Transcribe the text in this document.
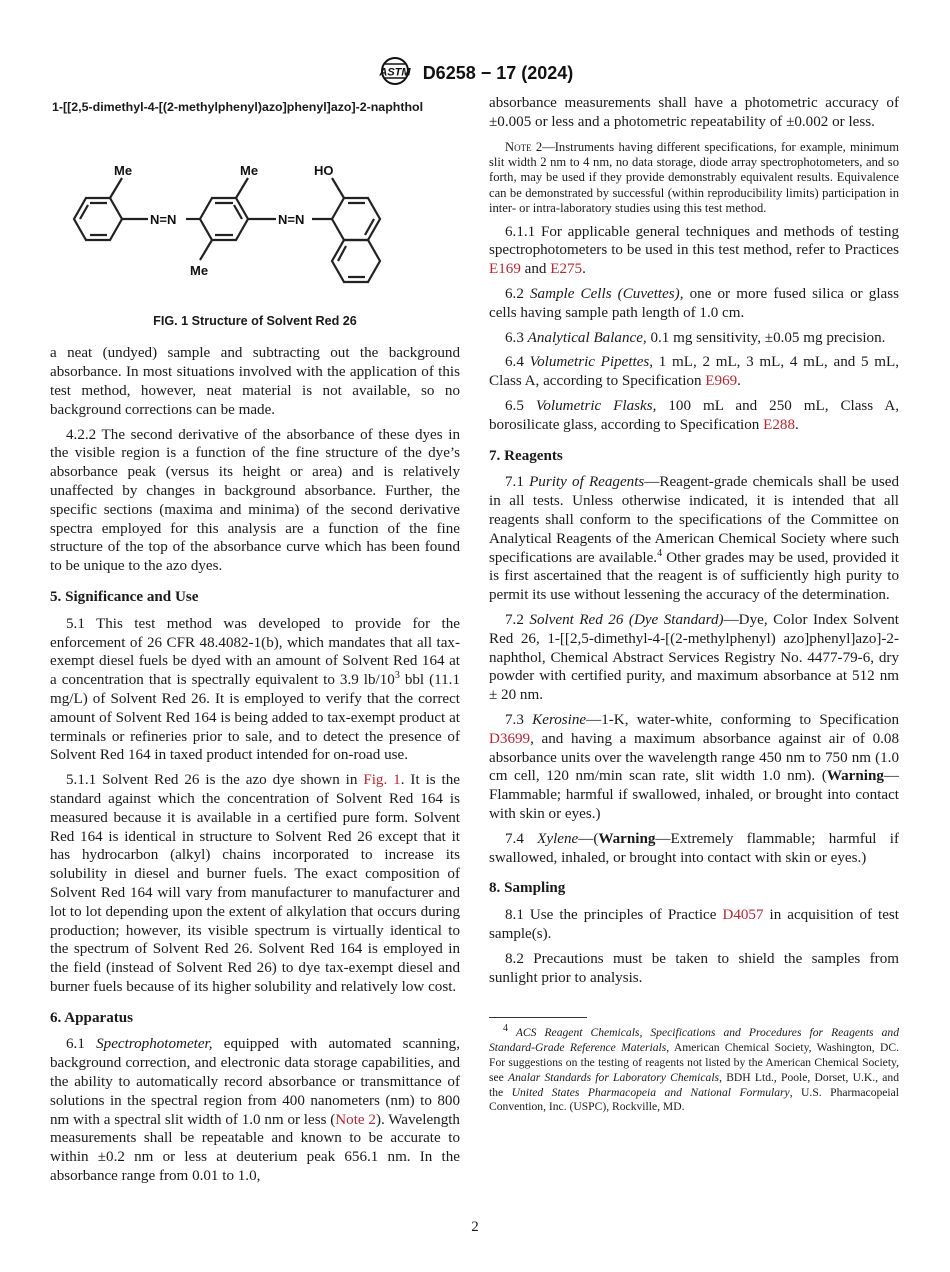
ASTM D6258 − 17 (2024)
1-[[2,5-dimethyl-4-[(2-methylphenyl)azo]phenyl]azo]-2-naphthol
Me	Me
Me
HO
N=N	N=N
FIG. 1 Structure of Solvent Red 26

a neat (undyed) sample and subtracting out the background absorbance. In most situations involved with the application of this test method, however, neat material is not available, so no background corrections can be made.

4.2.2 The second derivative of the absorbance of these dyes in the visible region is a function of the fine structure of the dye’s absorbance peak (versus its height or area) and is relatively unaffected by changes in background absorbance. Further, the specific sections (maxima and minima) of the second derivative spectra employed for this analysis are a function of the fine structure of the top of the absorbance curve which has been found to be unique to the azo dyes.

5. Significance and Use

5.1 This test method was developed to provide for the enforcement of 26 CFR 48.4082-1(b), which mandates that all tax-exempt diesel fuels be dyed with an amount of Solvent Red 164 at a concentration that is spectrally equivalent to 3.9 $lb/10^3$ bbl (11.1 mg/L) of Solvent Red 26. It is employed to verify that the correct amount of Solvent Red 164 is being added to tax-exempt product at terminals or refineries prior to sale, and to detect the presence of Solvent Red 164 in taxed product intended for on-road use.

5.1.1 Solvent Red 26 is the azo dye shown in Fig. 1. It is the standard against which the concentration of Solvent Red 164 is measured because it is available in a certified pure form. Solvent Red 164 is identical in structure to Solvent Red 26 except that it has hydrocarbon (alkyl) chains incorporated to increase its solubility in diesel and burner fuels. The exact composition of Solvent Red 164 will vary from manufacturer to manufacturer and lot to lot depending upon the extent of alkylation that occurs during production; however, its visible spectrum is virtually identical to the spectrum of Solvent Red 26. Solvent Red 164 is employed in the field (instead of Solvent Red 26) to dye tax-exempt diesel and burner fuels because of its higher solubility and relatively low cost.

6. Apparatus

6.1 Spectrophotometer, equipped with automated scanning, background correction, and electronic data storage capabilities, and the ability to automatically record absorbance or transmittance of solutions in the spectral region from 400 nanometers (nm) to 800 nm with a spectral slit width of 1.0 nm or less (Note 2). Wavelength measurements shall be repeatable and known to be accurate to within ±0.2 nm or less at deuterium peak 656.1 nm. In the absorbance range from 0.01 to 1.0,

absorbance measurements shall have a photometric accuracy of ±0.005 or less and a photometric repeatability of ±0.002 or less.

Note 2—Instruments having different specifications, for example, minimum slit width 2 nm to 4 nm, no data storage, diode array spectrophotometers, and so forth, may be used if they provide demonstrably equivalent results. Equivalence can be demonstrated by successful (within reproducibility limits) participation in inter- or intra-laboratory studies using this test method.

6.1.1 For applicable general techniques and methods of testing spectrophotometers to be used in this test method, refer to Practices E169 and E275.

6.2 Sample Cells (Cuvettes), one or more fused silica or glass cells having sample path length of 1.0 cm.

6.3 Analytical Balance, 0.1 mg sensitivity, ±0.05 mg precision.

6.4 Volumetric Pipettes, 1 mL, 2 mL, 3 mL, 4 mL, and 5 mL, Class A, according to Specification E969.

6.5 Volumetric Flasks, 100 mL and 250 mL, Class A, borosilicate glass, according to Specification E288.

7. Reagents

7.1 Purity of Reagents—Reagent-grade chemicals shall be used in all tests. Unless otherwise indicated, it is intended that all reagents shall conform to the specifications of the Committee on Analytical Reagents of the American Chemical Society where such specifications are available.$^4$ Other grades may be used, provided it is first ascertained that the reagent is of sufficiently high purity to permit its use without lessening the accuracy of the determination.

7.2 Solvent Red 26 (Dye Standard)—Dye, Color Index Solvent Red 26, 1-[[2,5-dimethyl-4-[(2-methylphenyl) azo]phenyl]azo]-2-naphthol, Chemical Abstract Services Registry No. 4477-79-6, dry powder with certified purity, and maximum absorbance at 512 nm ± 20 nm.

7.3 Kerosine—1-K, water-white, conforming to Specification D3699, and having a maximum absorbance against air of 0.08 absorbance units over the wavelength range 450 nm to 750 nm (1.0 cm cell, 120 nm/min scan rate, slit width 1.0 nm). (Warning—Flammable; harmful if swallowed, inhaled, or brought into contact with skin or eyes.)

7.4 Xylene—(Warning—Extremely flammable; harmful if swallowed, inhaled, or brought into contact with skin or eyes.)

8. Sampling

8.1 Use the principles of Practice D4057 in acquisition of test sample(s).

8.2 Precautions must be taken to shield the samples from sunlight prior to analysis.

$^4$ ACS Reagent Chemicals, Specifications and Procedures for Reagents and Standard-Grade Reference Materials, American Chemical Society, Washington, DC. For suggestions on the testing of reagents not listed by the American Chemical Society, see Analar Standards for Laboratory Chemicals, BDH Ltd., Poole, Dorset, U.K., and the United States Pharmacopeia and National Formulary, U.S. Pharmacopeial Convention, Inc. (USPC), Rockville, MD.
2
